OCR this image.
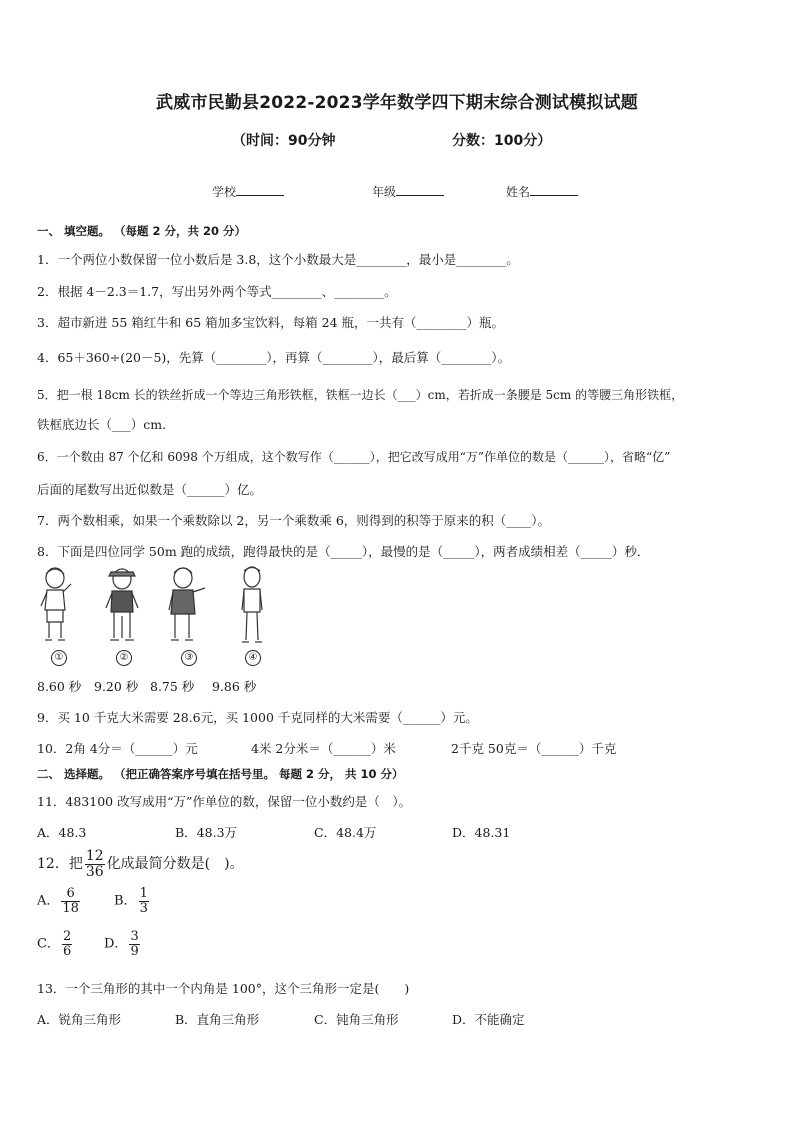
武威市民勤县2022-2023学年数学四下期末综合测试模拟试题
（时间：90分钟	分数：100分）
学校	年级	姓名
一、 填空题。 （每题 2 分，共 20 分）
1．一个两位小数保留一位小数后是 3.8，这个小数最大是________，最小是________。
2．根据 4－2.3＝1.7，写出另外两个等式________、________。
3．超市新进 55 箱红牛和 65 箱加多宝饮料，每箱 24 瓶，一共有（________）瓶。
4．65＋360÷(20－5)，先算（________），再算（________），最后算（________）。
5．把一根 18cm 长的铁丝折成一个等边三角形铁框，铁框一边长（___）cm，若折成一条腰是 5cm 的等腰三角形铁框，
铁框底边长（___）cm.
6．一个数由 87 个亿和 6098 个万组成，这个数写作（______），把它改写成用“万”作单位的数是（______），省略“亿”
后面的尾数写出近似数是（______）亿。
7．两个数相乘，如果一个乘数除以 2，另一个乘数乘 6，则得到的积等于原来的积（____）。
8．下面是四位同学 50m 跑的成绩，跑得最快的是（_____），最慢的是（_____），两者成绩相差（_____）秒．
①	②	③	④
8.60 秒 9.20 秒 8.75 秒 9.86 秒
9．买 10 千克大米需要 28.6元，买 1000 千克同样的大米需要（______）元。
10．2角 4分＝（______）元	4米 2分米＝（______）米	2千克 50克＝（______）千克
二、 选择题。 （把正确答案序号填在括号里。 每题 2 分， 共 10 分）
11．483100 改写成用“万”作单位的数，保留一位小数约是（　）。
A．48.3	B．48.3万	C．48.4万	D．48.31
12．把 $\frac{12}{36}$ 化成最简分数是(　)。
A． $\frac{6}{18}$	B． $\frac{1}{3}$
C． $\frac{2}{6}$ D． $\frac{3}{9}$
13．一个三角形的其中一个内角是 100°，这个三角形一定是(　　)
A．锐角三角形	B．直角三角形	C．钝角三角形	D．不能确定
